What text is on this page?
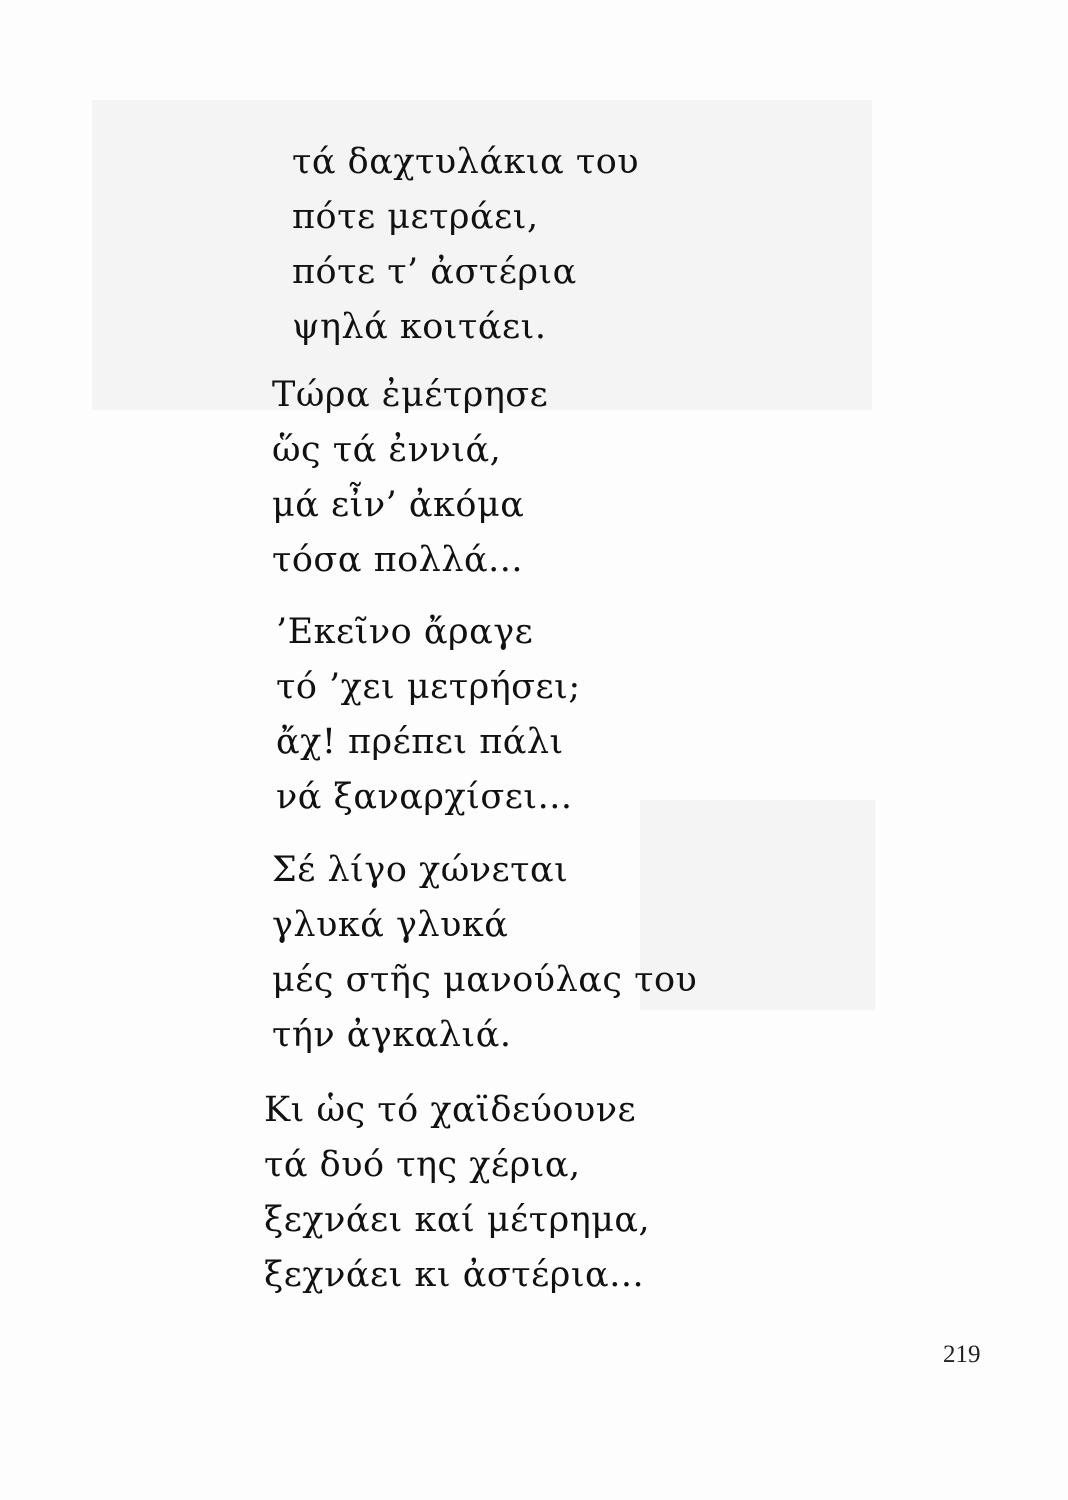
τά δαχτυλάκια του
πότε μετράει,
πότε τ’ ἀστέρια
ψηλά κοιτάει.
Τώρα ἐμέτρησε
ὥς τά ἐννιά,
μά εἶν’ ἀκόμα
τόσα πολλά...
’Εκεῖνο ἄραγε
τό ’χει μετρήσει;
ἄχ! πρέπει πάλι
νά ξαναρχίσει...
Σέ λίγο χώνεται
γλυκά γλυκά
μές στῆς μανούλας του
τήν ἀγκαλιά.
Κι ὡς τό χαϊδεύουνε
τά δυό της χέρια,
ξεχνάει καί μέτρημα,
ξεχνάει κι ἀστέρια...
219
